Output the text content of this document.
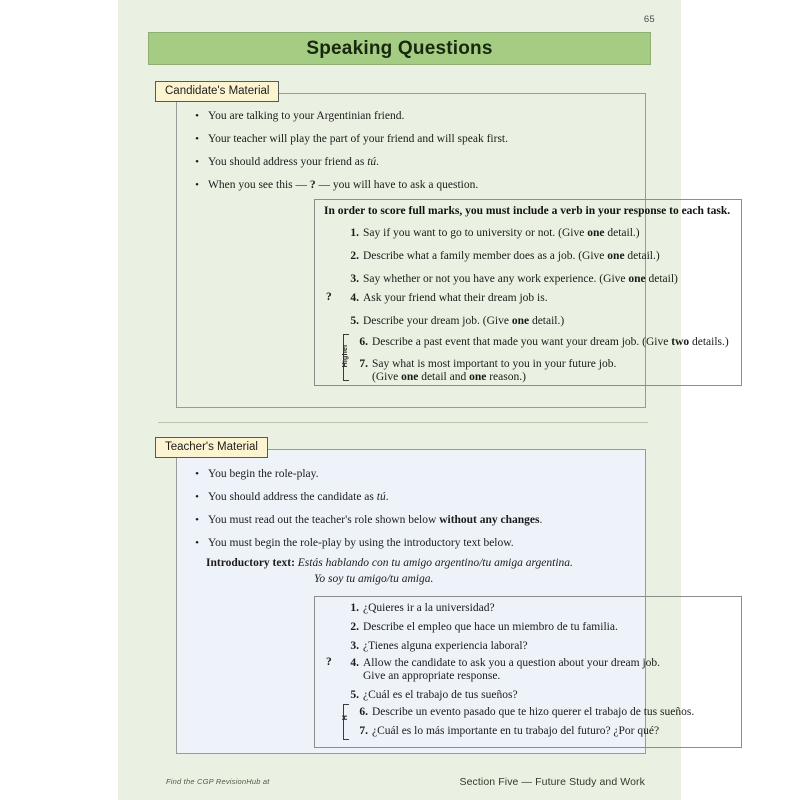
65
Speaking Questions
Candidate's Material
• You are talking to your Argentinian friend.
• Your teacher will play the part of your friend and will speak first.
• You should address your friend as tú.
• When you see this — ? — you will have to ask a question.
In order to score full marks, you must include a verb in your response to each task.
1. Say if you want to go to university or not. (Give one detail.)
2. Describe what a family member does as a job. (Give one detail.)
3. Say whether or not you have any work experience. (Give one detail)
?	4. Ask your friend what their dream job is.
5. Describe your dream job. (Give one detail.)
Higher
6. Describe a past event that made you want your dream job. (Give two details.)
7. Say what is most important to you in your future job.
(Give one detail and one reason.)
Teacher's Material
• You begin the role-play.
• You should address the candidate as tú.
• You must read out the teacher's role shown below without any changes.
• You must begin the role-play by using the introductory text below.
Introductory text: Estás hablando con tu amigo argentino/tu amiga argentina.
Yo soy tu amigo/tu amiga.
1. ¿Quieres ir a la universidad?
2. Describe el empleo que hace un miembro de tu familia.
3. ¿Tienes alguna experiencia laboral?
?	4. Allow the candidate to ask you a question about your dream job.
Give an appropriate response.
5. ¿Cuál es el trabajo de tus sueños?
H 6. Describe un evento pasado que te hizo querer el trabajo de tus sueños.
7. ¿Cuál es lo más importante en tu trabajo del futuro? ¿Por qué?
Find the CGP RevisionHub at	Section Five — Future Study and Work
